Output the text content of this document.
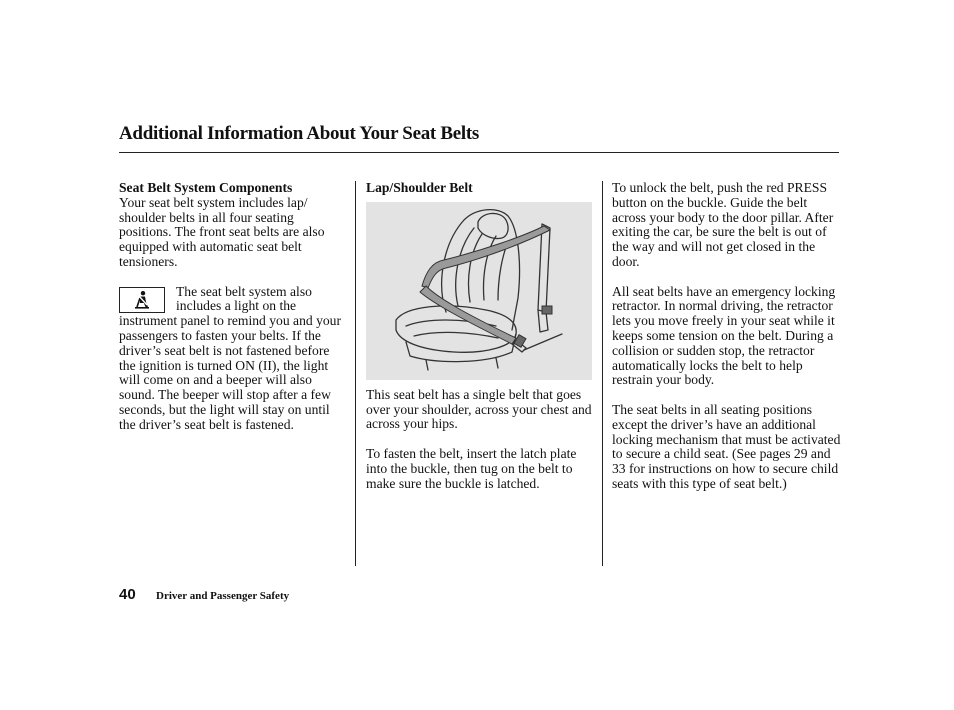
Additional Information About Your Seat Belts

Seat Belt System Components

Your seat belt system includes lap/ shoulder belts in all four seating positions. The front seat belts are also equipped with automatic seat belt tensioners.

The seat belt system also includes a light on the

instrument panel to remind you and your passengers to fasten your belts. If the driver’s seat belt is not fastened before the ignition is turned ON (II), the light will come on and a beeper will also sound. The beeper will stop after a few seconds, but the light will stay on until the driver’s seat belt is fastened.

Lap/Shoulder Belt

This seat belt has a single belt that goes over your shoulder, across your chest and across your hips.

To fasten the belt, insert the latch plate into the buckle, then tug on the belt to make sure the buckle is latched.

To unlock the belt, push the red PRESS button on the buckle. Guide the belt across your body to the door pillar. After exiting the car, be sure the belt is out of the way and will not get closed in the door.

All seat belts have an emergency locking retractor. In normal driving, the retractor lets you move freely in your seat while it keeps some tension on the belt. During a collision or sudden stop, the retractor automatically locks the belt to help restrain your body.

The seat belts in all seating positions except the driver’s have an additional locking mechanism that must be activated to secure a child seat. (See pages 29 and 33 for instructions on how to secure child seats with this type of seat belt.)

40 Driver and Passenger Safety
